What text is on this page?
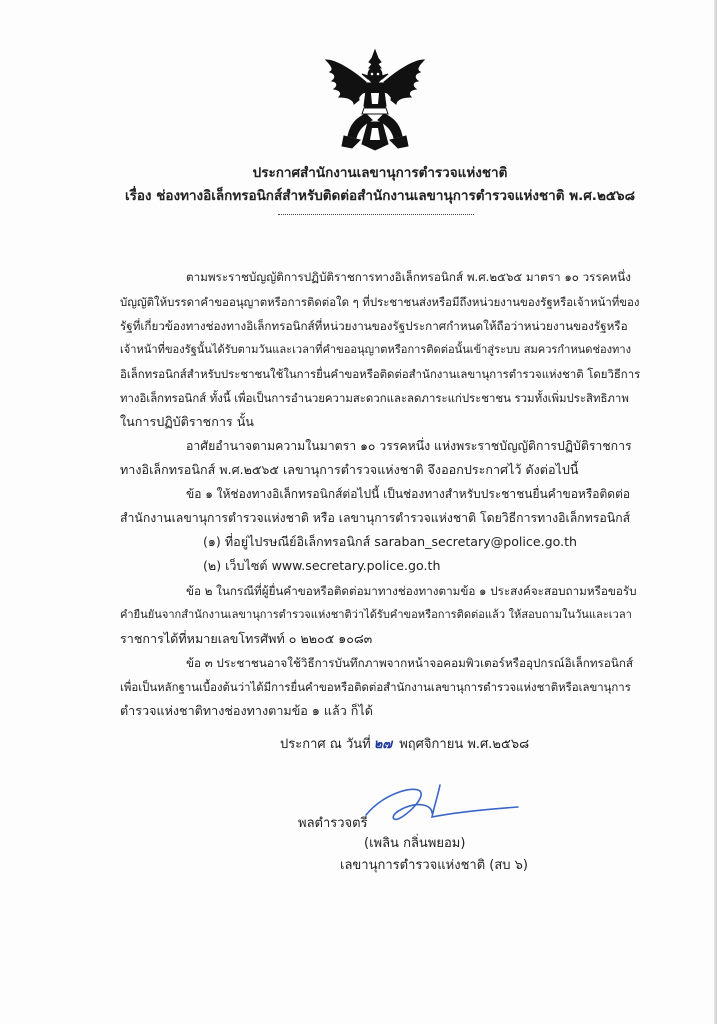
ประกาศสำนักงานเลขานุการตำรวจแห่งชาติ
เรื่อง ช่องทางอิเล็กทรอนิกส์สำหรับติดต่อสำนักงานเลขานุการตำรวจแห่งชาติ พ.ศ.๒๕๖๘
ตามพระราชบัญญัติการปฏิบัติราชการทางอิเล็กทรอนิกส์ พ.ศ.๒๕๖๕ มาตรา ๑๐ วรรคหนึ่ง
บัญญัติให้บรรดาคำขออนุญาตหรือการติดต่อใด ๆ ที่ประชาชนส่งหรือมีถึงหน่วยงานของรัฐหรือเจ้าหน้าที่ของ
รัฐที่เกี่ยวข้องทางช่องทางอิเล็กทรอนิกส์ที่หน่วยงานของรัฐประกาศกำหนดให้ถือว่าหน่วยงานของรัฐหรือ
เจ้าหน้าที่ของรัฐนั้นได้รับตามวันและเวลาที่คำขออนุญาตหรือการติดต่อนั้นเข้าสู่ระบบ สมควรกำหนดช่องทาง
อิเล็กทรอนิกส์สำหรับประชาชนใช้ในการยื่นคำขอหรือติดต่อสำนักงานเลขานุการตำรวจแห่งชาติ โดยวิธีการ
ทางอิเล็กทรอนิกส์ ทั้งนี้ เพื่อเป็นการอำนวยความสะดวกและลดภาระแก่ประชาชน รวมทั้งเพิ่มประสิทธิภาพ
ในการปฏิบัติราชการ นั้น
อาศัยอำนาจตามความในมาตรา ๑๐ วรรคหนึ่ง แห่งพระราชบัญญัติการปฏิบัติราชการ
ทางอิเล็กทรอนิกส์ พ.ศ.๒๕๖๕ เลขานุการตำรวจแห่งชาติ จึงออกประกาศไว้ ดังต่อไปนี้
ข้อ ๑ ให้ช่องทางอิเล็กทรอนิกส์ต่อไปนี้ เป็นช่องทางสำหรับประชาชนยื่นคำขอหรือติดต่อ
สำนักงานเลขานุการตำรวจแห่งชาติ หรือ เลขานุการตำรวจแห่งชาติ โดยวิธีการทางอิเล็กทรอนิกส์
(๑) ที่อยู่ไปรษณีย์อิเล็กทรอนิกส์ saraban_secretary@police.go.th
(๒) เว็บไซต์ www.secretary.police.go.th
ข้อ ๒ ในกรณีที่ผู้ยื่นคำขอหรือติดต่อมาทางช่องทางตามข้อ ๑ ประสงค์จะสอบถามหรือขอรับ
คำยืนยันจากสำนักงานเลขานุการตำรวจแห่งชาติว่าได้รับคำขอหรือการติดต่อแล้ว ให้สอบถามในวันและเวลา
ราชการได้ที่หมายเลขโทรศัพท์ ๐ ๒๒๐๕ ๑๐๘๓
ข้อ ๓ ประชาชนอาจใช้วิธีการบันทึกภาพจากหน้าจอคอมพิวเตอร์หรืออุปกรณ์อิเล็กทรอนิกส์
เพื่อเป็นหลักฐานเบื้องต้นว่าได้มีการยื่นคำขอหรือติดต่อสำนักงานเลขานุการตำรวจแห่งชาติหรือเลขานุการ
ตำรวจแห่งชาติทางช่องทางตามข้อ ๑ แล้ว ก็ได้
ประกาศ ณ วันที่ ๒๗ พฤศจิกายน พ.ศ.๒๕๖๘
พลตำรวจตรี
(เพลิน กลิ่นพยอม)
เลขานุการตำรวจแห่งชาติ (สบ ๖)
